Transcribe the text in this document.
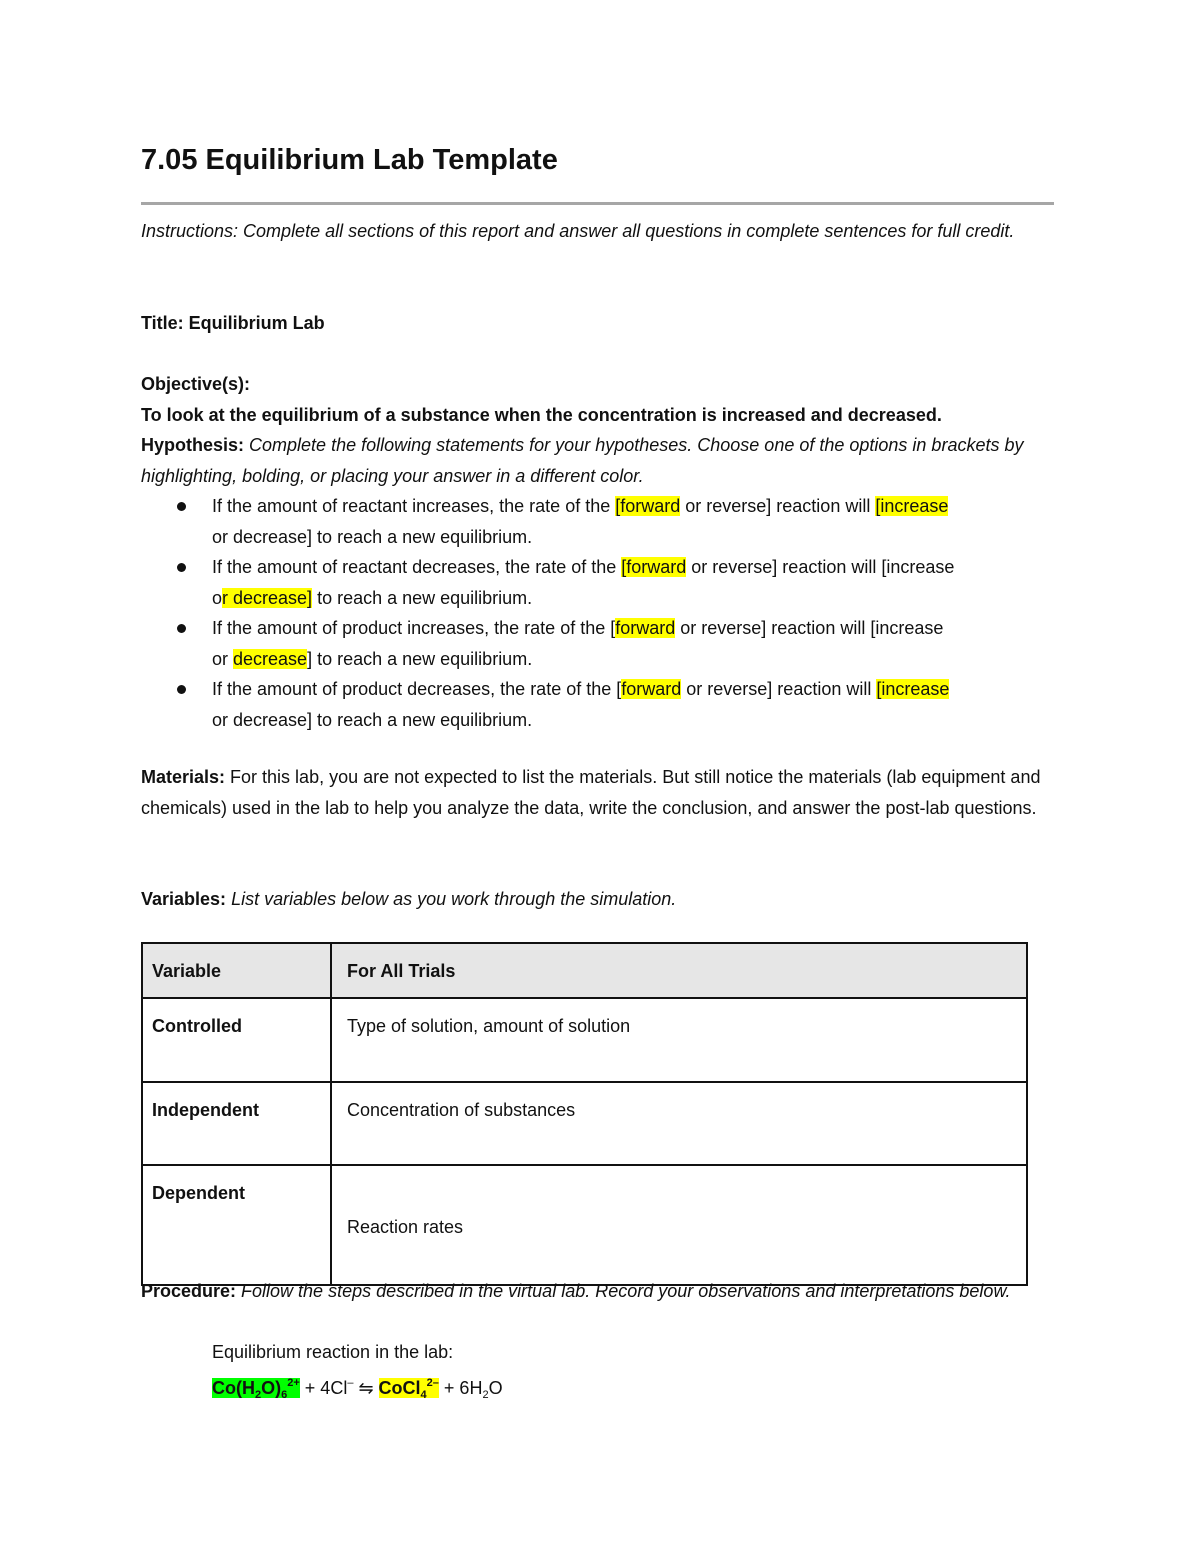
7.05 Equilibrium Lab Template

Instructions: Complete all sections of this report and answer all questions in complete sentences for full credit.

Title: Equilibrium Lab

Objective(s):

To look at the equilibrium of a substance when the concentration is increased and decreased.

Hypothesis: Complete the following statements for your hypotheses. Choose one of the options in brackets by highlighting, bolding, or placing your answer in a different color.

If the amount of reactant increases, the rate of the [forward or reverse] reaction will [increase or decrease] to reach a new equilibrium.
If the amount of reactant decreases, the rate of the [forward or reverse] reaction will [increase or decrease] to reach a new equilibrium.
If the amount of product increases, the rate of the [forward or reverse] reaction will [increase or decrease] to reach a new equilibrium.
If the amount of product decreases, the rate of the [forward or reverse] reaction will [increase or decrease] to reach a new equilibrium.

Materials: For this lab, you are not expected to list the materials. But still notice the materials (lab equipment and chemicals) used in the lab to help you analyze the data, write the conclusion, and answer the post-lab questions.

Variables: List variables below as you work through the simulation.

Variable	For All Trials
Controlled	Type of solution, amount of solution
Independent	Concentration of substances
Dependent	Reaction rates

Procedure: Follow the steps described in the virtual lab. Record your observations and interpretations below.

Equilibrium reaction in the lab:

$Co(H_2O)_6^{2+} + 4Cl^-$ ⇋ CoCl$_4^{2-}$ + $6H_2O$
